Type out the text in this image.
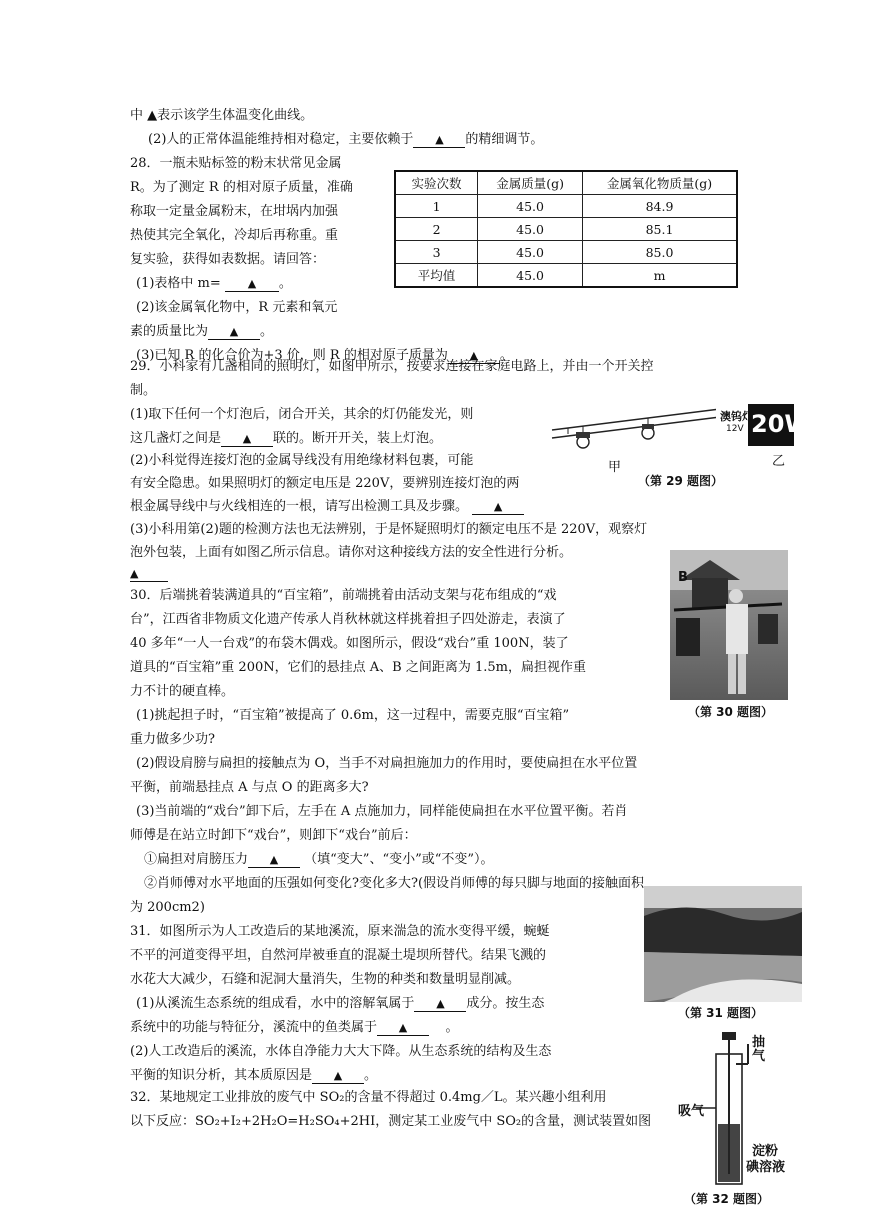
中 ▲表示该学生体温变化曲线。
(2)人的正常体温能维持相对稳定，主要依赖于 ▲ 的精细调节。
28．一瓶未贴标签的粉末状常见金属
R。为了测定 R 的相对原子质量，准确
称取一定量金属粉末，在坩埚内加强
热使其完全氧化，冷却后再称重。重
复实验，获得如表数据。请回答：
(1)表格中 m= ▲ 。
(2)该金属氧化物中，R 元素和氧元
素的质量比为 ▲ 。
(3)已知 R 的化合价为+3 价，则 R 的相对原子质量为 ▲ 。
实验次数	金属质量(g)	金属氧化物质量(g)
1	45.0	84.9
2	45.0	85.1
3	45.0	85.0
平均值	45.0	m
29．小科家有几盏相同的照明灯，如图甲所示，按要求连接在家庭电路上，并由一个开关控
制。
(1)取下任何一个灯泡后，闭合开关，其余的灯仍能发光，则
这几盏灯之间是 ▲ 联的。断开开关，装上灯泡。
(2)小科觉得连接灯泡的金属导线没有用绝缘材料包裹，可能
有安全隐患。如果照明灯的额定电压是 220V，要辨别连接灯泡的两
根金属导线中与火线相连的一根，请写出检测工具及步骤。 ▲
(3)小科用第(2)题的检测方法也无法辨别，于是怀疑照明灯的额定电压不是 220V，观察灯
泡外包装，上面有如图乙所示信息。请你对这种接线方法的安全性进行分析。
▲
澳钨灯
12V 20W
甲	乙
（第 29 题图）
30．后端挑着装满道具的“百宝箱”，前端挑着由活动支架与花布组成的“戏
台”，江西省非物质文化遗产传承人肖秋林就这样挑着担子四处游走，表演了
40 多年“一人一台戏”的布袋木偶戏。如图所示，假设“戏台”重 100N，装了
道具的“百宝箱”重 200N，它们的悬挂点 A、B 之间距离为 1.5m，扁担视作重
力不计的硬直棒。
(1)挑起担子时，“百宝箱”被提高了 0.6m，这一过程中，需要克服“百宝箱”
重力做多少功?
(2)假设肩膀与扁担的接触点为 O，当手不对扁担施加力的作用时，要使扁担在水平位置
平衡，前端悬挂点 A 与点 O 的距离多大?
(3)当前端的“戏台”卸下后，左手在 A 点施加力，同样能使扁担在水平位置平衡。若肖
师傅是在站立时卸下“戏台”，则卸下“戏台”前后：
①扁担对肩膀压力 ▲ （填“变大”、“变小”或“不变”）。
②肖师傅对水平地面的压强如何变化?变化多大?(假设肖师傅的每只脚与地面的接触面积
为 200cm2)
B
（第 30 题图）
31．如图所示为人工改造后的某地溪流，原来湍急的流水变得平缓，蜿蜒
不平的河道变得平坦，自然河岸被垂直的混凝土堤坝所替代。结果飞溅的
水花大大减少，石缝和泥洞大量消失，生物的种类和数量明显削减。
(1)从溪流生态系统的组成看，水中的溶解氧属于 ▲ 成分。按生态
系统中的功能与特征分，溪流中的鱼类属于 ▲	。
(2)人工改造后的溪流，水体自净能力大大下降。从生态系统的结构及生态
平衡的知识分析，其本质原因是 ▲ 。
（第 31 题图）
32．某地规定工业排放的废气中 SO₂的含量不得超过 0.4mg／L。某兴趣小组利用
以下反应：SO₂+I₂+2H₂O=H₂SO₄+2HI，测定某工业废气中 SO₂的含量，测试装置如图
抽气
吸气
淀粉
碘溶液
（第 32 题图）
